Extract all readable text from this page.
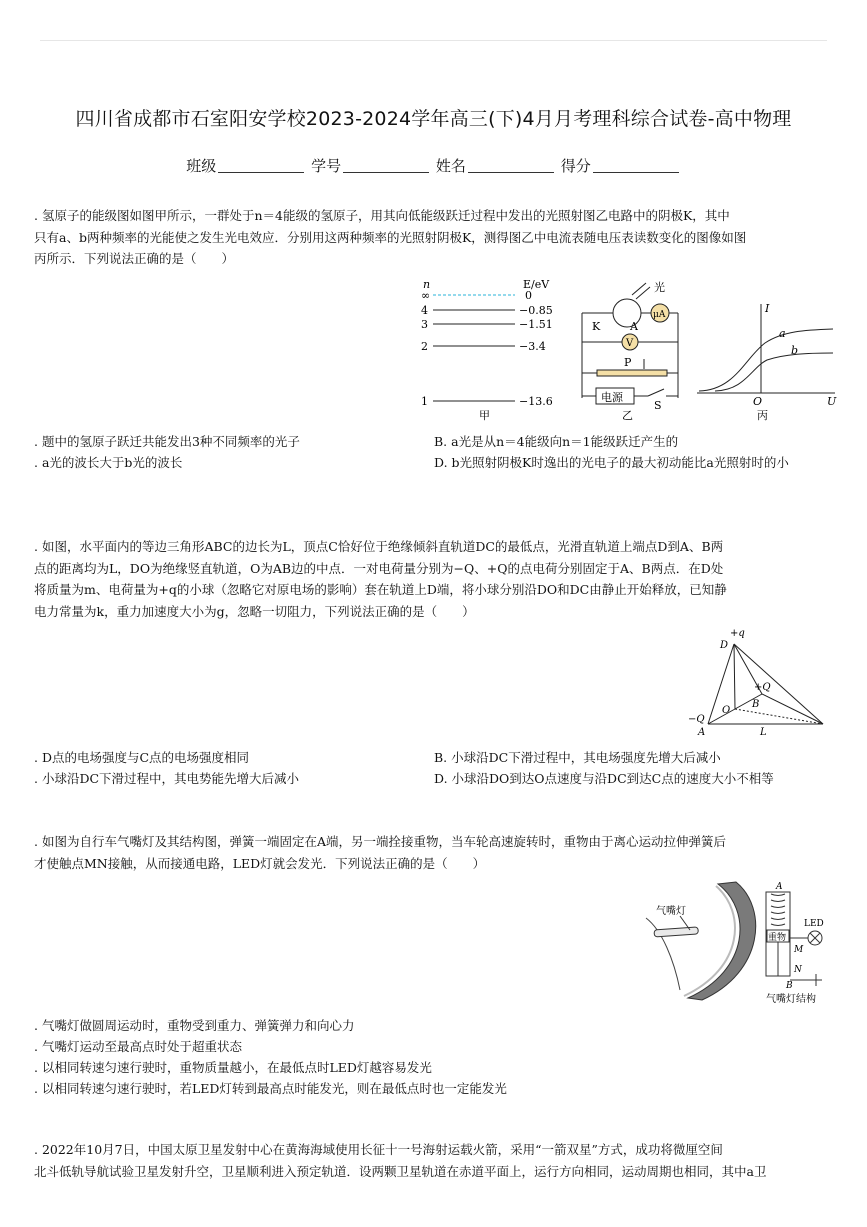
四川省成都市石室阳安学校2023-2024学年高三(下)4月月考理科综合试卷-高中物理
班级	学号	姓名	得分
. 氢原子的能级图如图甲所示，一群处于n＝4能级的氢原子，用其向低能级跃迁过程中发出的光照射图乙电路中的阴极K，其中
只有a、b两种频率的光能使之发生光电效应．分别用这两种频率的光照射阴极K，测得图乙中电流表随电压表读数变化的图像如图
丙所示．下列说法正确的是（　　）
n	E/eV
∞	0
4	−0.85
3	−1.51
2	−3.4
1	−13.6
甲
光
K	A
μA
V
P
电源
S
乙
I
a
b
O	U
丙
. 题中的氢原子跃迁共能发出3种不同频率的光子	B. a光是从n＝4能级向n＝1能级跃迁产生的
. a光的波长大于b光的波长	D. b光照射阴极K时逸出的光电子的最大初动能比a光照射时的小
. 如图，水平面内的等边三角形ABC的边长为L，顶点C恰好位于绝缘倾斜直轨道DC的最低点，光滑直轨道上端点D到A、B两
点的距离均为L，DO为绝缘竖直轨道，O为AB边的中点．一对电荷量分别为−Q、+Q的点电荷分别固定于A、B两点．在D处
将质量为m、电荷量为+q的小球（忽略它对原电场的影响）套在轨道上D端，将小球分别沿DO和DC由静止开始释放，已知静
电力常量为k，重力加速度大小为g，忽略一切阻力，下列说法正确的是（　　）
+q
D
+Q
O
B
−Q
A	L
. D点的电场强度与C点的电场强度相同	B. 小球沿DC下滑过程中，其电场强度先增大后减小
. 小球沿DC下滑过程中，其电势能先增大后减小	D. 小球沿DO到达O点速度与沿DC到达C点的速度大小不相等
. 如图为自行车气嘴灯及其结构图，弹簧一端固定在A端，另一端拴接重物，当车轮高速旋转时，重物由于离心运动拉伸弹簧后
才使触点MN接触，从而接通电路，LED灯就会发光．下列说法正确的是（　　）
气嘴灯
A
重物
M
N
B
LED
气嘴灯结构
. 气嘴灯做圆周运动时，重物受到重力、弹簧弹力和向心力
. 气嘴灯运动至最高点时处于超重状态
. 以相同转速匀速行驶时，重物质量越小，在最低点时LED灯越容易发光
. 以相同转速匀速行驶时，若LED灯转到最高点时能发光，则在最低点时也一定能发光
. 2022年10月7日，中国太原卫星发射中心在黄海海域使用长征十一号海射运载火箭，采用“一箭双星”方式，成功将微厘空间
北斗低轨导航试验卫星发射升空，卫星顺利进入预定轨道．设两颗卫星轨道在赤道平面上，运行方向相同，运动周期也相同，其中a卫
